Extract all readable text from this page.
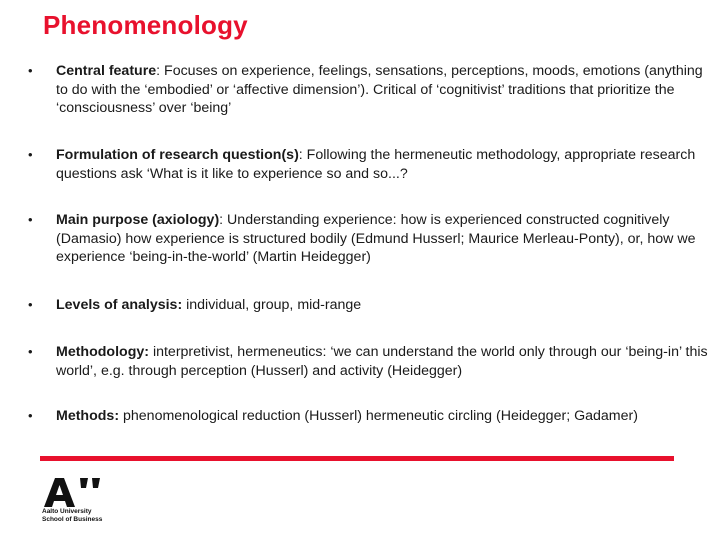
Phenomenology
•	Central feature: Focuses on experience, feelings, sensations, perceptions, moods, emotions (anything to do with the ‘embodied’ or ‘affective dimension’). Critical of ‘cognitivist’ traditions that prioritize the ‘consciousness’ over ‘being’
•	Formulation of research question(s): Following the hermeneutic methodology, appropriate research questions ask ‘What is it like to experience so and so...?
•	Main purpose (axiology): Understanding experience: how is experienced constructed cognitively (Damasio) how experience is structured bodily (Edmund Husserl; Maurice Merleau-Ponty), or, how we experience ‘being-in-the-world’ (Martin Heidegger)
•	Levels of analysis: individual, group, mid-range
•	Methodology: interpretivist, hermeneutics: ‘we can understand the world only through our ‘being-in’ this world’, e.g. through perception (Husserl) and activity (Heidegger)
•	Methods: phenomenological reduction (Husserl) hermeneutic circling (Heidegger; Gadamer)
Aalto University
School of Business
